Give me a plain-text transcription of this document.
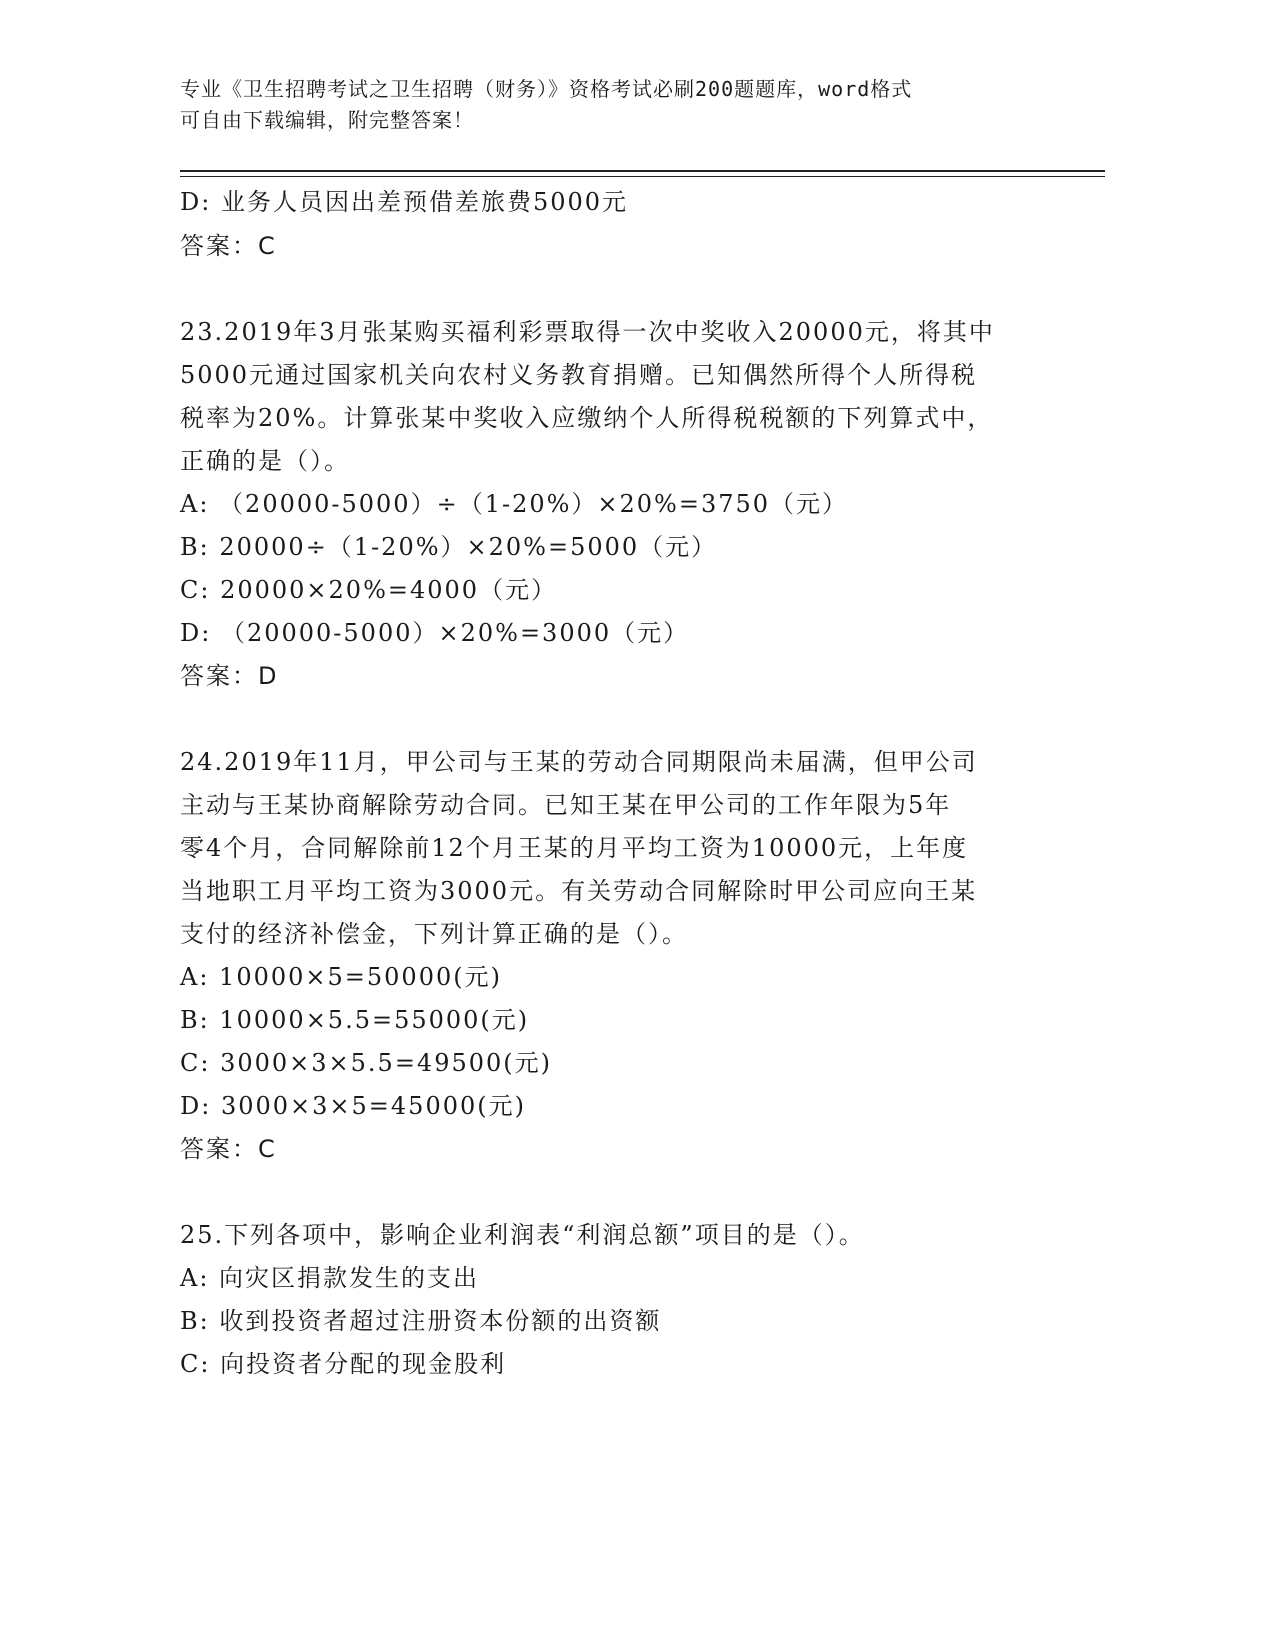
专业《卫生招聘考试之卫生招聘（财务）》资格考试必刷200题题库，word格式
可自由下载编辑，附完整答案！
D: 业务人员因出差预借差旅费5000元
答案：C
23.2019年3月张某购买福利彩票取得一次中奖收入20000元，将其中
5000元通过国家机关向农村义务教育捐赠。已知偶然所得个人所得税
税率为20%。计算张某中奖收入应缴纳个人所得税税额的下列算式中，
正确的是（）。
A: （20000-5000）÷（1-20%）×20%=3750（元）
B: 20000÷（1-20%）×20%=5000（元）
C: 20000×20%=4000（元）
D: （20000-5000）×20%=3000（元）
答案：D
24.2019年11月，甲公司与王某的劳动合同期限尚未届满，但甲公司
主动与王某协商解除劳动合同。已知王某在甲公司的工作年限为5年
零4个月，合同解除前12个月王某的月平均工资为10000元，上年度
当地职工月平均工资为3000元。有关劳动合同解除时甲公司应向王某
支付的经济补偿金，下列计算正确的是（）。
A: 10000×5=50000(元)
B: 10000×5.5=55000(元)
C: 3000×3×5.5=49500(元)
D: 3000×3×5=45000(元)
答案：C
25.下列各项中，影响企业利润表“利润总额”项目的是（）。
A: 向灾区捐款发生的支出
B: 收到投资者超过注册资本份额的出资额
C: 向投资者分配的现金股利
